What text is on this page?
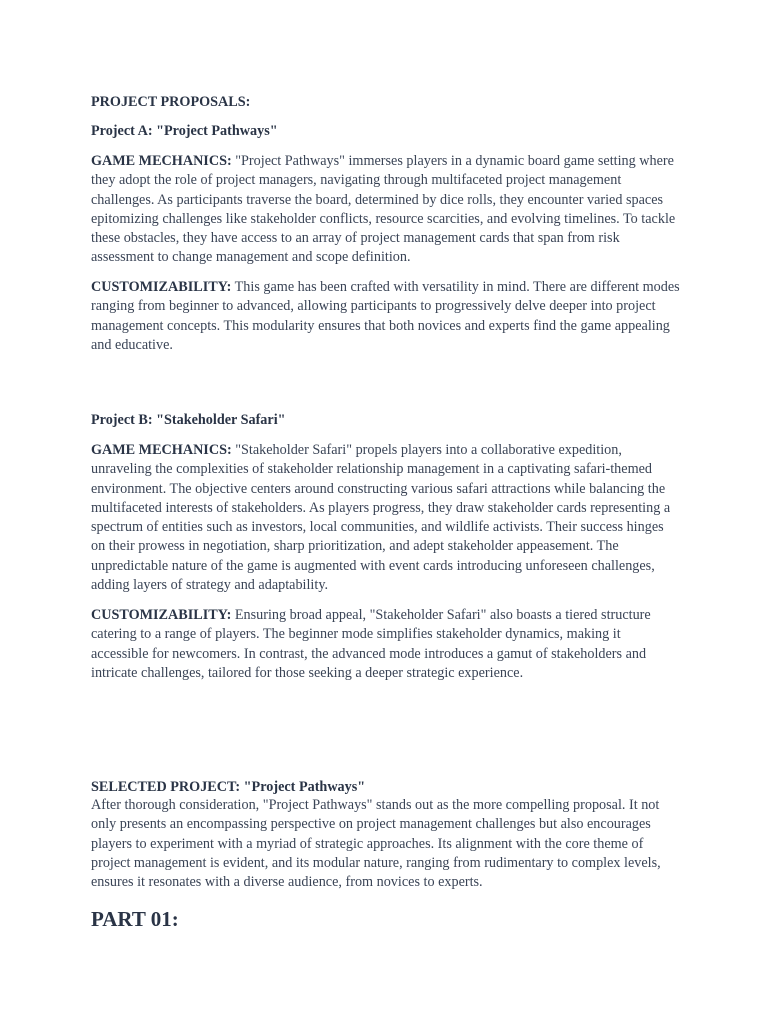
PROJECT PROPOSALS:
Project A: "Project Pathways"

GAME MECHANICS: "Project Pathways" immerses players in a dynamic board game setting where they adopt the role of project managers, navigating through multifaceted project management challenges. As participants traverse the board, determined by dice rolls, they encounter varied spaces epitomizing challenges like stakeholder conflicts, resource scarcities, and evolving timelines. To tackle these obstacles, they have access to an array of project management cards that span from risk assessment to change management and scope definition.

CUSTOMIZABILITY: This game has been crafted with versatility in mind. There are different modes ranging from beginner to advanced, allowing participants to progressively delve deeper into project management concepts. This modularity ensures that both novices and experts find the game appealing and educative.

Project B: "Stakeholder Safari"

GAME MECHANICS: "Stakeholder Safari" propels players into a collaborative expedition, unraveling the complexities of stakeholder relationship management in a captivating safari-themed environment. The objective centers around constructing various safari attractions while balancing the multifaceted interests of stakeholders. As players progress, they draw stakeholder cards representing a spectrum of entities such as investors, local communities, and wildlife activists. Their success hinges on their prowess in negotiation, sharp prioritization, and adept stakeholder appeasement. The unpredictable nature of the game is augmented with event cards introducing unforeseen challenges, adding layers of strategy and adaptability.

CUSTOMIZABILITY: Ensuring broad appeal, "Stakeholder Safari" also boasts a tiered structure catering to a range of players. The beginner mode simplifies stakeholder dynamics, making it accessible for newcomers. In contrast, the advanced mode introduces a gamut of stakeholders and intricate challenges, tailored for those seeking a deeper strategic experience.

SELECTED PROJECT: "Project Pathways"

After thorough consideration, "Project Pathways" stands out as the more compelling proposal. It not only presents an encompassing perspective on project management challenges but also encourages players to experiment with a myriad of strategic approaches. Its alignment with the core theme of project management is evident, and its modular nature, ranging from rudimentary to complex levels, ensures it resonates with a diverse audience, from novices to experts.

PART 01:
